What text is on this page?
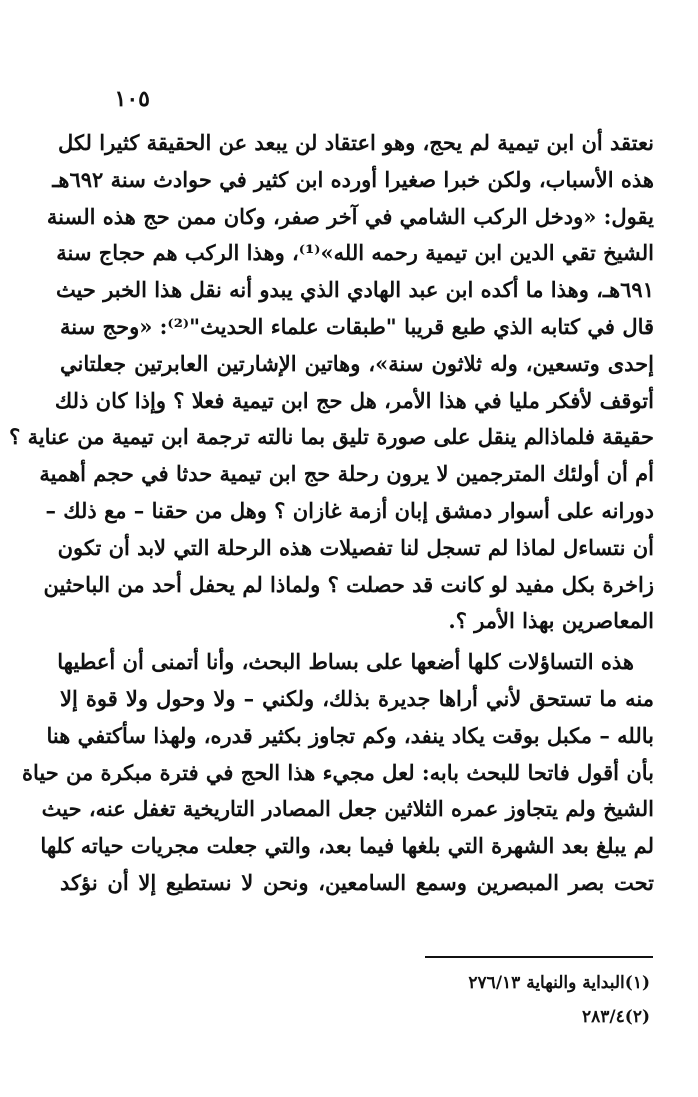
١٠٥

نعتقد أن ابن تيمية لم يحج، وهو اعتقاد لن يبعد عن الحقيقة كثيرا لكل
هذه الأسباب، ولكن خبرا صغيرا أورده ابن كثير في حوادث سنة ٦٩٢هـ
يقول: «ودخل الركب الشامي في آخر صفر، وكان ممن حج هذه السنة
الشيخ تقي الدين ابن تيمية رحمه الله»⁽¹⁾، وهذا الركب هم حجاج سنة
٦٩١هـ، وهذا ما أكده ابن عبد الهادي الذي يبدو أنه نقل هذا الخبر حيث
قال في كتابه الذي طبع قريبا "طبقات علماء الحديث"⁽²⁾: «وحج سنة
إحدى وتسعين، وله ثلاثون سنة»، وهاتين الإشارتين العابرتين جعلتاني
أتوقف لأفكر مليا في هذا الأمر، هل حج ابن تيمية فعلا ؟ وإذا كان ذلك
حقيقة فلماذالم ينقل على صورة تليق بما نالته ترجمة ابن تيمية من عناية ؟
أم أن أولئك المترجمين لا يرون رحلة حج ابن تيمية حدثا في حجم أهمية
دورانه على أسوار دمشق إبان أزمة غازان ؟ وهل من حقنا – مع ذلك –
أن نتساءل لماذا لم تسجل لنا تفصيلات هذه الرحلة التي لابد أن تكون
زاخرة بكل مفيد لو كانت قد حصلت ؟ ولماذا لم يحفل أحد من الباحثين
المعاصرين بهذا الأمر ؟.

هذه التساؤلات كلها أضعها على بساط البحث، وأنا أتمنى أن أعطيها
منه ما تستحق لأني أراها جديرة بذلك، ولكني – ولا وحول ولا قوة إلا
بالله – مكبل بوقت يكاد ينفد، وكم تجاوز بكثير قدره، ولهذا سأكتفي هنا
بأن أقول فاتحا للبحث بابه: لعل مجيء هذا الحج في فترة مبكرة من حياة
الشيخ ولم يتجاوز عمره الثلاثين جعل المصادر التاريخية تغفل عنه، حيث
لم يبلغ بعد الشهرة التي بلغها فيما بعد، والتي جعلت مجريات حياته كلها
تحت بصر المبصرين وسمع السامعين، ونحن لا نستطيع إلا أن نؤكد

(١)البداية والنهاية ٢٧٦/١٣
(٢)٢٨٣/٤
